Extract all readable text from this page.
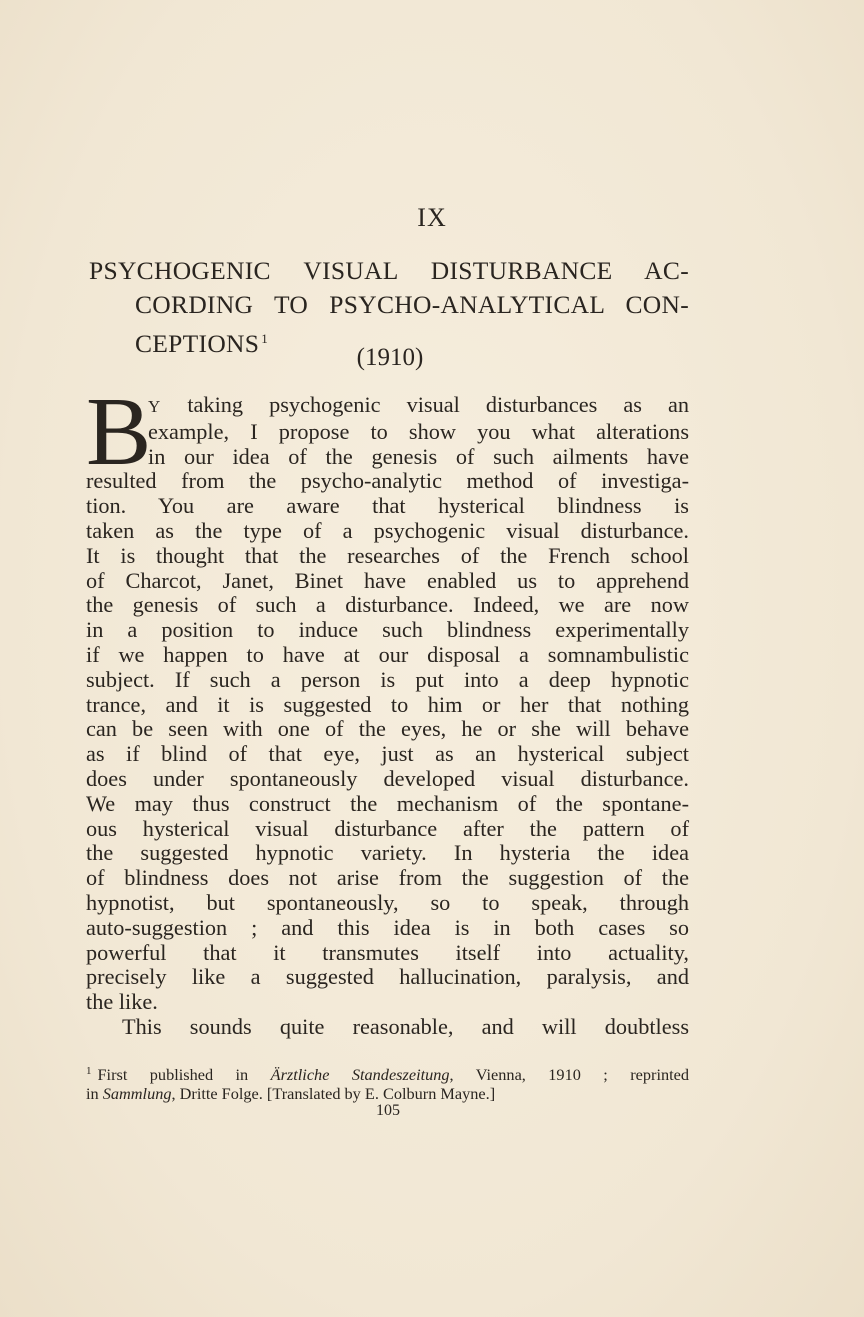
IX
PSYCHOGENIC VISUAL DISTURBANCE AC-
CORDING TO PSYCHO-ANALYTICAL CON-
CEPTIONS $^1$
(1910)
B
Y taking psychogenic visual disturbances as an
example, I propose to show you what alterations
in our idea of the genesis of such ailments have
resulted from the psycho-analytic method of investiga-
tion. You are aware that hysterical blindness is
taken as the type of a psychogenic visual disturbance.
It is thought that the researches of the French school
of Charcot, Janet, Binet have enabled us to apprehend
the genesis of such a disturbance. Indeed, we are now
in a position to induce such blindness experimentally
if we happen to have at our disposal a somnambulistic
subject. If such a person is put into a deep hypnotic
trance, and it is suggested to him or her that nothing
can be seen with one of the eyes, he or she will behave
as if blind of that eye, just as an hysterical subject
does under spontaneously developed visual disturbance.
We may thus construct the mechanism of the spontane-
ous hysterical visual disturbance after the pattern of
the suggested hypnotic variety. In hysteria the idea
of blindness does not arise from the suggestion of the
hypnotist, but spontaneously, so to speak, through
auto-suggestion ; and this idea is in both cases so
powerful that it transmutes itself into actuality,
precisely like a suggested hallucination, paralysis, and
the like.
This sounds quite reasonable, and will doubtless
$^1$ First published in Ärztliche Standeszeitung, Vienna, 1910 ; reprinted
in Sammlung, Dritte Folge. [Translated by E. Colburn Mayne.]
105
